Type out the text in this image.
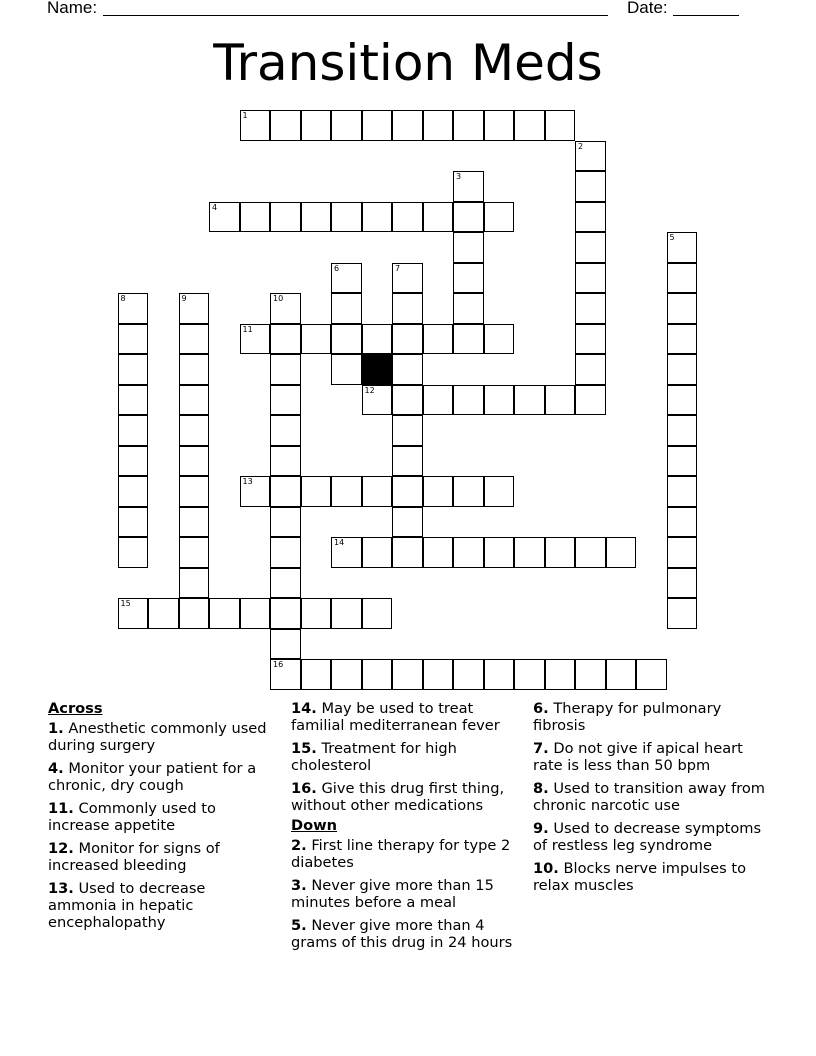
Name:	Date:
Transition Meds
1
2
3
4
5
6	7
8	9	10
16
11
12
13
14
15
Across
1. Anesthetic commonly used during surgery
4. Monitor your patient for a chronic, dry cough
11. Commonly used to increase appetite
12. Monitor for signs of increased bleeding
13. Used to decrease ammonia in hepatic encephalopathy
14. May be used to treat familial mediterranean fever
15. Treatment for high cholesterol
16. Give this drug first thing, without other medications
Down
2. First line therapy for type 2 diabetes
3. Never give more than 15 minutes before a meal
5. Never give more than 4 grams of this drug in 24 hours
6. Therapy for pulmonary fibrosis
7. Do not give if apical heart rate is less than 50 bpm
8. Used to transition away from chronic narcotic use
9. Used to decrease symptoms of restless leg syndrome
10. Blocks nerve impulses to relax muscles
